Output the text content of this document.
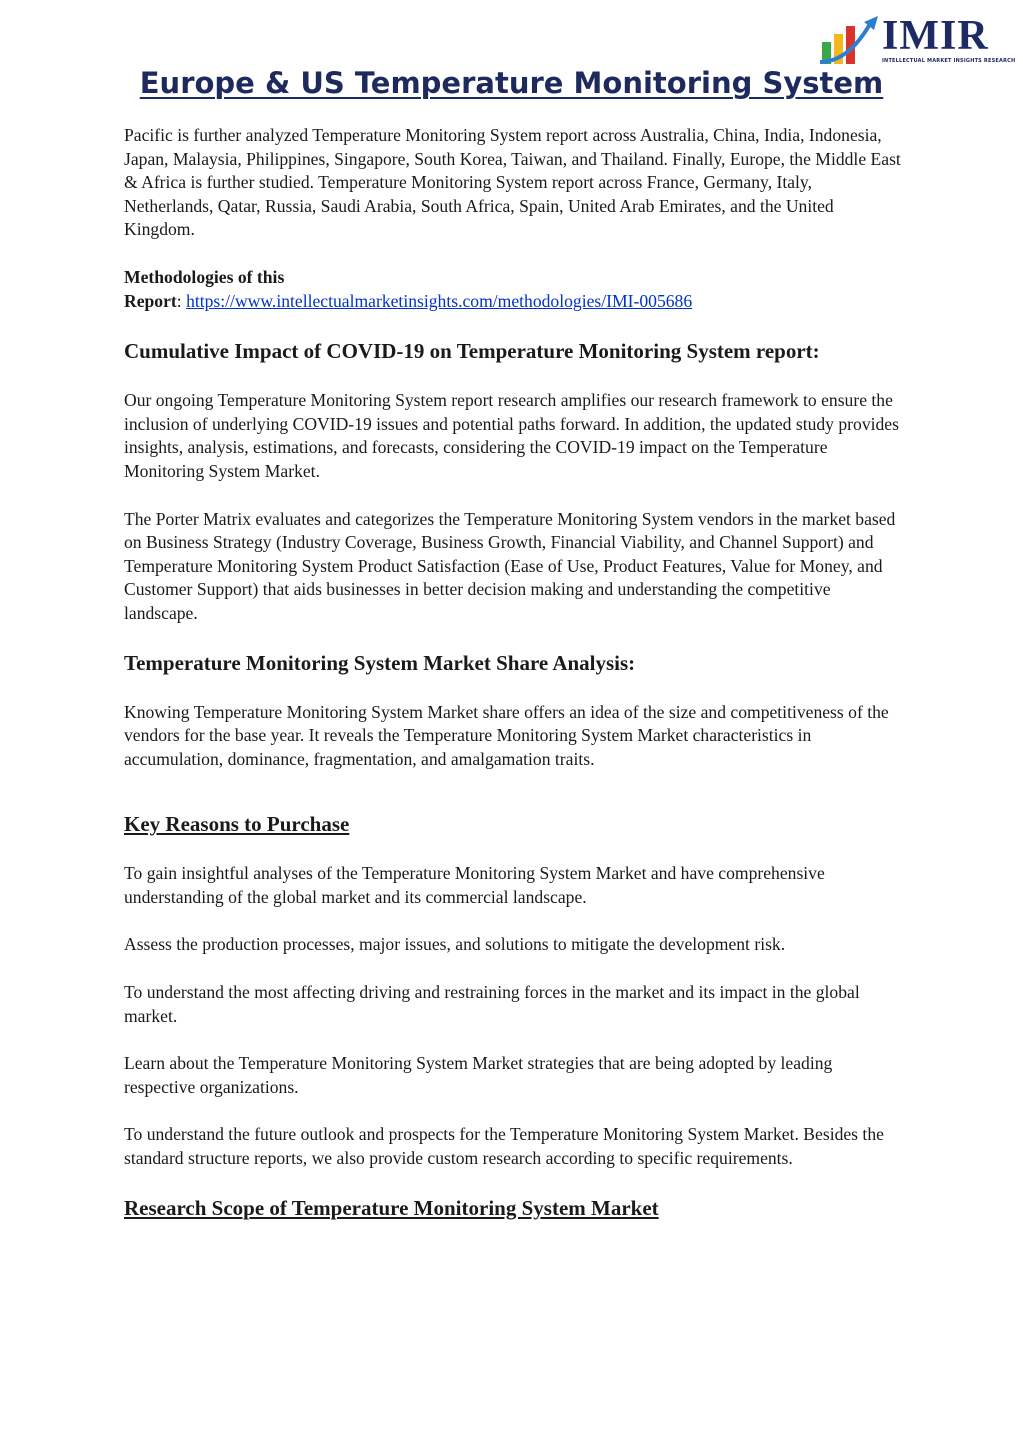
IMIR
INTELLECTUAL MARKET INSIGHTS RESEARCH
Europe & US Temperature Monitoring System

Pacific is further analyzed Temperature Monitoring System report across Australia, China, India, Indonesia, Japan, Malaysia, Philippines, Singapore, South Korea, Taiwan, and Thailand. Finally, Europe, the Middle East & Africa is further studied. Temperature Monitoring System report across France, Germany, Italy, Netherlands, Qatar, Russia, Saudi Arabia, South Africa, Spain, United Arab Emirates, and the United Kingdom.

Methodologies of this
Report: https://www.intellectualmarketinsights.com/methodologies/IMI-005686

Cumulative Impact of COVID-19 on Temperature Monitoring System report:

Our ongoing Temperature Monitoring System report research amplifies our research framework to ensure the inclusion of underlying COVID-19 issues and potential paths forward. In addition, the updated study provides insights, analysis, estimations, and forecasts, considering the COVID-19 impact on the Temperature Monitoring System Market.

The Porter Matrix evaluates and categorizes the Temperature Monitoring System vendors in the market based on Business Strategy (Industry Coverage, Business Growth, Financial Viability, and Channel Support) and Temperature Monitoring System Product Satisfaction (Ease of Use, Product Features, Value for Money, and Customer Support) that aids businesses in better decision making and understanding the competitive landscape.

Temperature Monitoring System Market Share Analysis:

Knowing Temperature Monitoring System Market share offers an idea of the size and competitiveness of the vendors for the base year. It reveals the Temperature Monitoring System Market characteristics in accumulation, dominance, fragmentation, and amalgamation traits.

Key Reasons to Purchase

To gain insightful analyses of the Temperature Monitoring System Market and have comprehensive understanding of the global market and its commercial landscape.

Assess the production processes, major issues, and solutions to mitigate the development risk.

To understand the most affecting driving and restraining forces in the market and its impact in the global market.

Learn about the Temperature Monitoring System Market strategies that are being adopted by leading respective organizations.

To understand the future outlook and prospects for the Temperature Monitoring System Market. Besides the standard structure reports, we also provide custom research according to specific requirements.

Research Scope of Temperature Monitoring System Market
